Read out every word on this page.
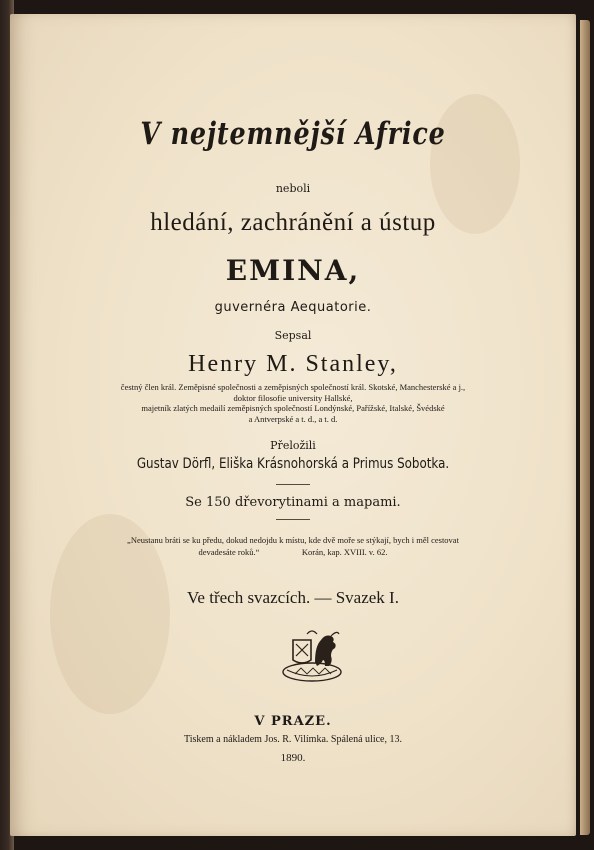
V nejtemnější Africe
neboli
hledání, zachránění a ústup
EMINA,
guvernéra Aequatorie.
Sepsal
Henry M. Stanley,
čestný člen král. Zeměpisné společnosti a zeměpisných společností král. Skotské, Manchesterské a j.,
doktor filosofie university Hallské,
majetník zlatých medailí zeměpisných společností Londýnské, Pařížské, Italské, Švédské
a Antverpské a t. d., a t. d.
Přeložili
Gustav Dörfl, Eliška Krásnohorská a Primus Sobotka.
Se 150 dřevorytinami a mapami.
„Neustanu bráti se ku předu, dokud nedojdu k místu, kde dvě moře se stýkají, bych i měl cestovat
devadesáte roků.“                    Korán, kap. XVIII. v. 62.
Ve třech svazcích. — Svazek I.
V PRAZE.
Tiskem a nákladem Jos. R. Vilímka. Spálená ulice, 13.
1890.
